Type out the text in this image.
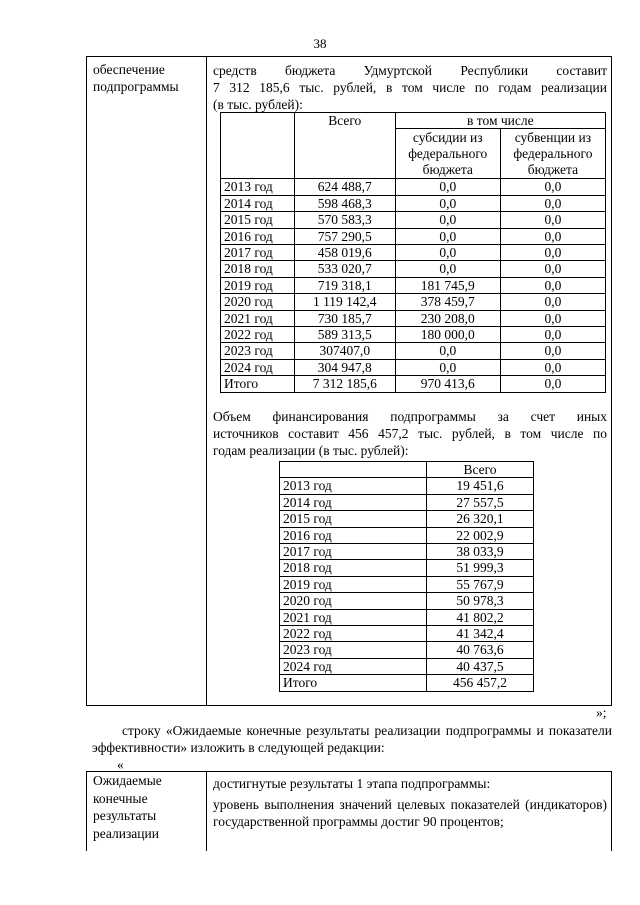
38
обеспечение подпрограммы
средств бюджета Удмуртской Республики составит
7 312 185,6 тыс. рублей, в том числе по годам реализации
(в тыс. рублей):
	Всего	в том числе	
		субсидии из федерального бюджета	субвенции из федерального бюджета
2013 год	624 488,7	0,0	0,0
2014 год	598 468,3	0,0	0,0
2015 год	570 583,3	0,0	0,0
2016 год	757 290,5	0,0	0,0
2017 год	458 019,6	0,0	0,0
2018 год	533 020,7	0,0	0,0
2019 год	719 318,1	181 745,9	0,0
2020 год	1 119 142,4	378 459,7	0,0
2021 год	730 185,7	230 208,0	0,0
2022 год	589 313,5	180 000,0	0,0
2023 год	307407,0	0,0	0,0
2024 год	304 947,8	0,0	0,0
Итого	7 312 185,6	970 413,6	0,0
Объем финансирования подпрограммы за счет иных
источников составит 456 457,2 тыс. рублей, в том числе по
годам реализации (в тыс. рублей):
	Всего
2013 год	19 451,6
2014 год	27 557,5
2015 год	26 320,1
2016 год	22 002,9
2017 год	38 033,9
2018 год	51 999,3
2019 год	55 767,9
2020 год	50 978,3
2021 год	41 802,2
2022 год	41 342,4
2023 год	40 763,6
2024 год	40 437,5
Итого	456 457,2
»;
строку «Ожидаемые конечные результаты реализации подпрограммы и показатели эффективности» изложить в следующей редакции:
«
Ожидаемые конечные результаты реализации
достигнутые результаты 1 этапа подпрограммы:
уровень выполнения значений целевых показателей (индикаторов) государственной программы достиг 90 процентов;
